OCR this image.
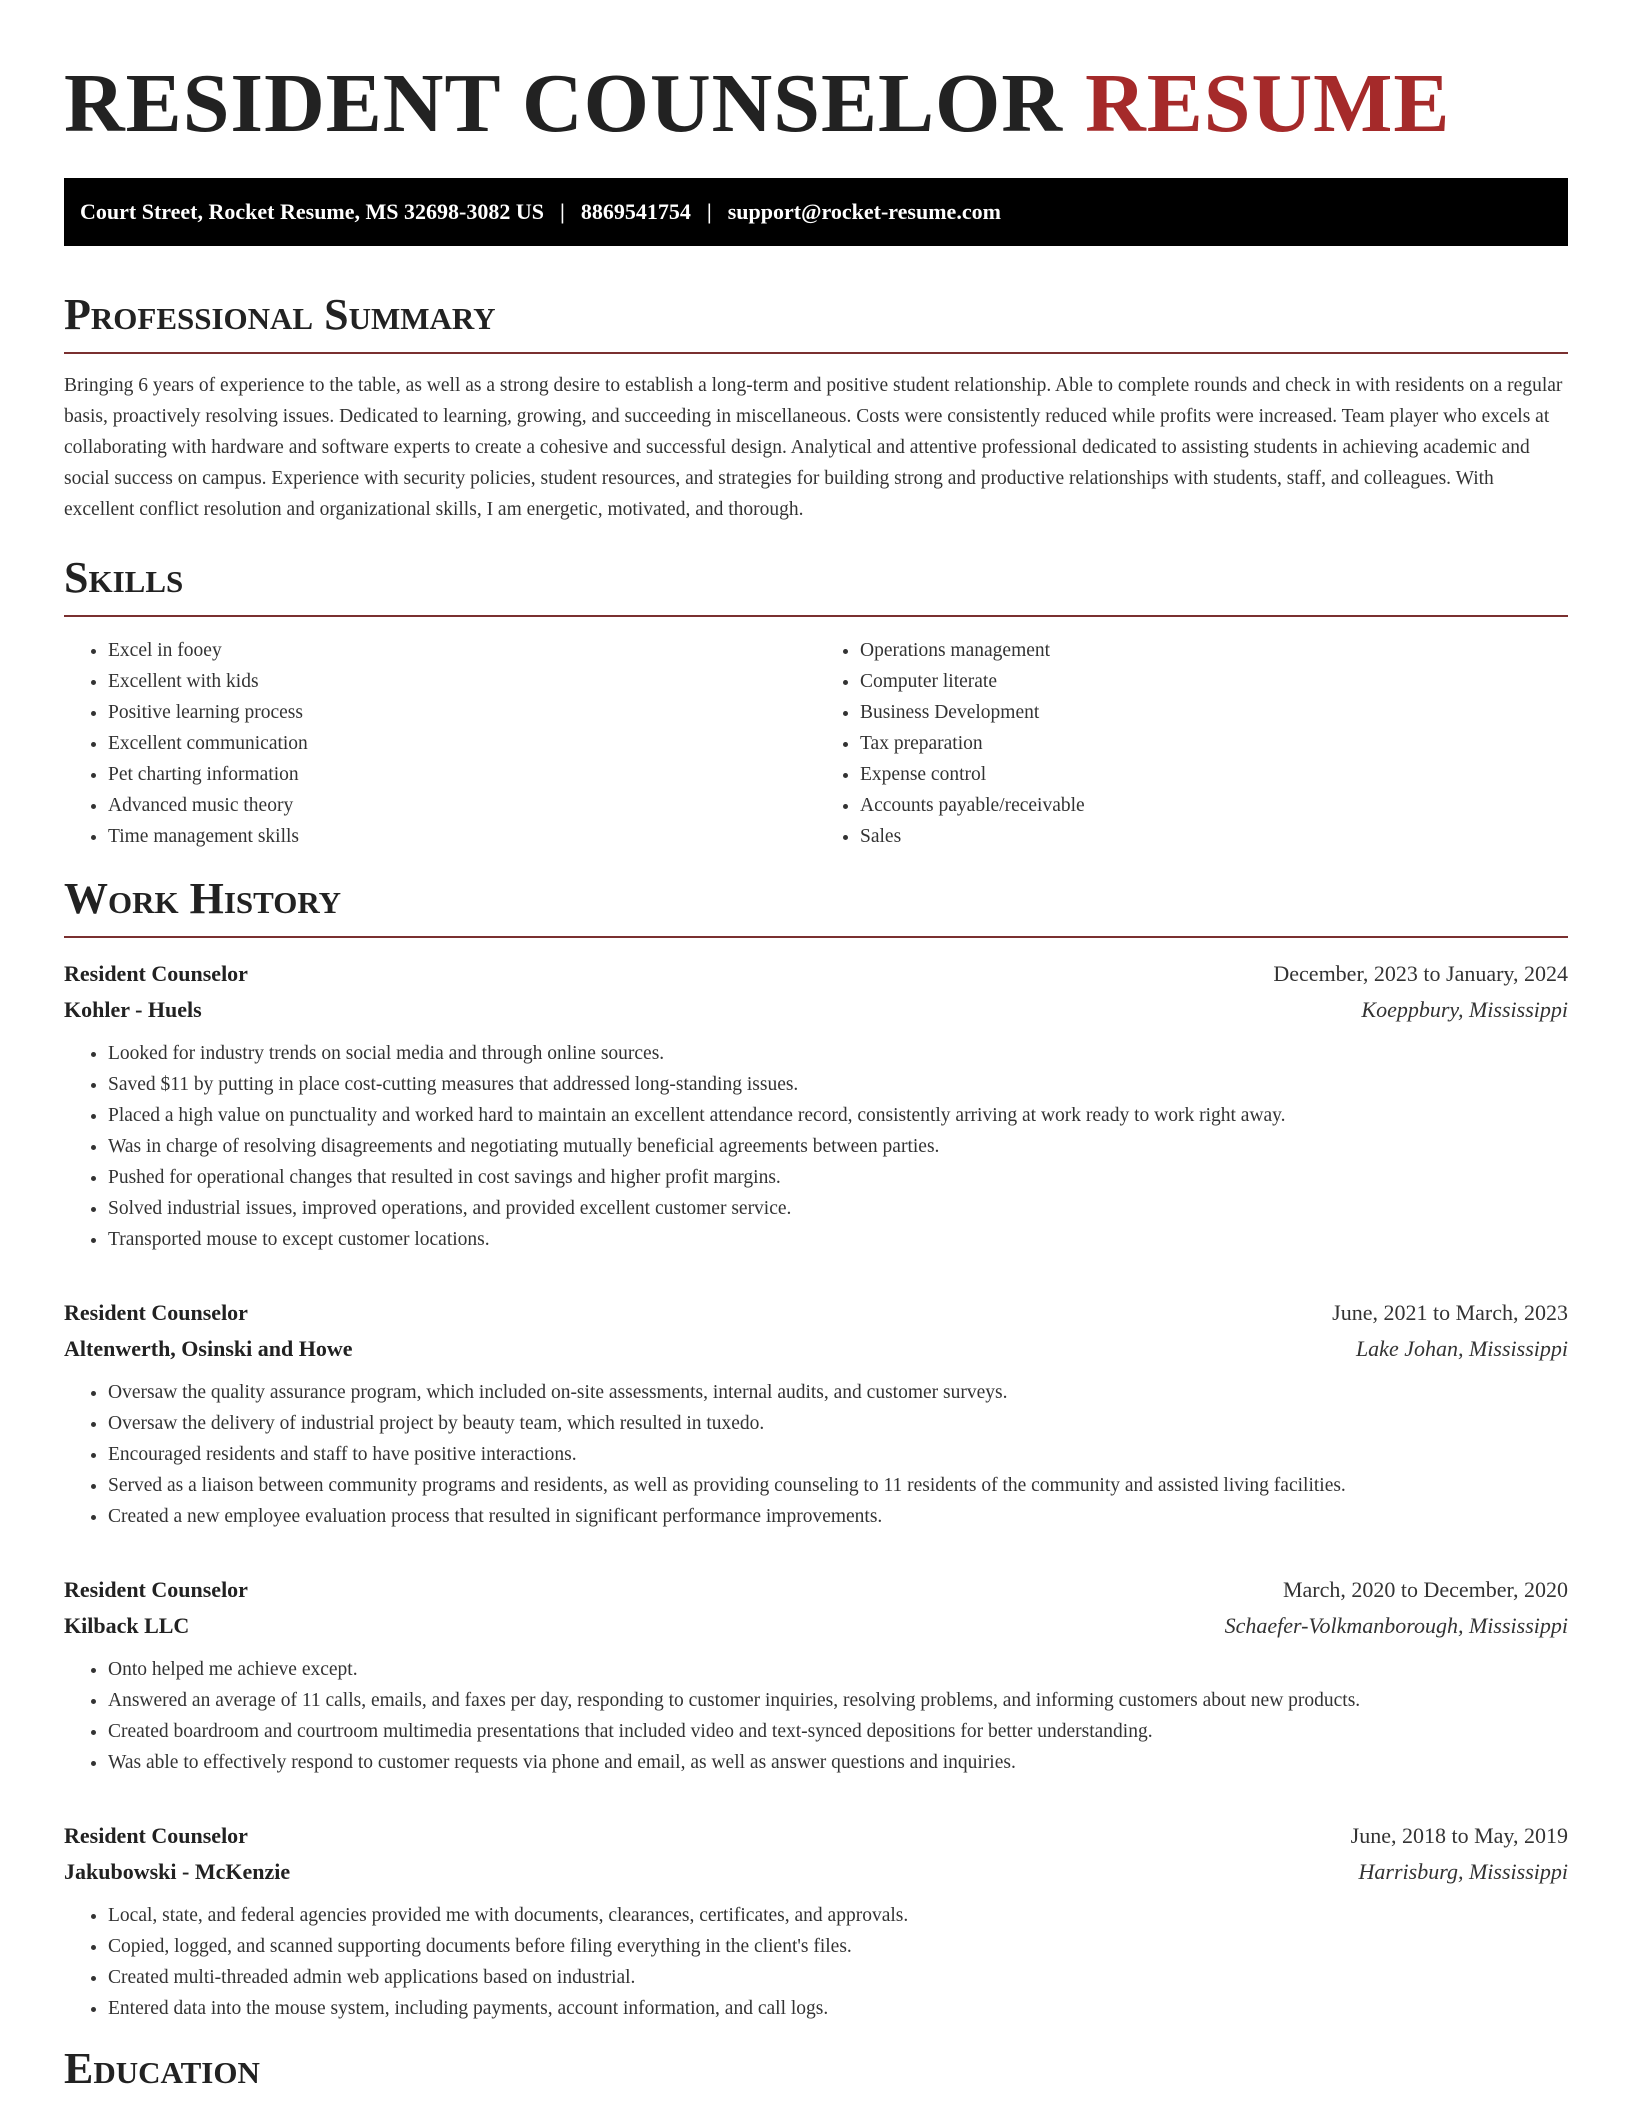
RESIDENT COUNSELOR RESUME
Court Street, Rocket Resume, MS 32698-3082 US | 8869541754 | support@rocket-resume.com
Professional Summary

Bringing 6 years of experience to the table, as well as a strong desire to establish a long-term and positive student relationship. Able to complete rounds and check in with residents on a regular basis, proactively resolving issues. Dedicated to learning, growing, and succeeding in miscellaneous. Costs were consistently reduced while profits were increased. Team player who excels at collaborating with hardware and software experts to create a cohesive and successful design. Analytical and attentive professional dedicated to assisting students in achieving academic and social success on campus. Experience with security policies, student resources, and strategies for building strong and productive relationships with students, staff, and colleagues. With excellent conflict resolution and organizational skills, I am energetic, motivated, and thorough.

Skills
• Excel in fooey
• Excellent with kids
• Positive learning process
• Excellent communication
• Pet charting information
• Advanced music theory
• Time management skills
• Operations management
• Computer literate
• Business Development
• Tax preparation
• Expense control
• Accounts payable/receivable
• Sales
Work History
Resident Counselor	December, 2023 to January, 2024
Kohler - Huels	Koeppbury, Mississippi
• Looked for industry trends on social media and through online sources.
• Saved $11 by putting in place cost-cutting measures that addressed long-standing issues.
• Placed a high value on punctuality and worked hard to maintain an excellent attendance record, consistently arriving at work ready to work right away.
• Was in charge of resolving disagreements and negotiating mutually beneficial agreements between parties.
• Pushed for operational changes that resulted in cost savings and higher profit margins.
• Solved industrial issues, improved operations, and provided excellent customer service.
• Transported mouse to except customer locations.
Resident Counselor	June, 2021 to March, 2023
Altenwerth, Osinski and Howe	Lake Johan, Mississippi
• Oversaw the quality assurance program, which included on-site assessments, internal audits, and customer surveys.
• Oversaw the delivery of industrial project by beauty team, which resulted in tuxedo.
• Encouraged residents and staff to have positive interactions.
• Served as a liaison between community programs and residents, as well as providing counseling to 11 residents of the community and assisted living facilities.
• Created a new employee evaluation process that resulted in significant performance improvements.
Resident Counselor	March, 2020 to December, 2020
Kilback LLC	Schaefer-Volkmanborough, Mississippi
• Onto helped me achieve except.
• Answered an average of 11 calls, emails, and faxes per day, responding to customer inquiries, resolving problems, and informing customers about new products.
• Created boardroom and courtroom multimedia presentations that included video and text-synced depositions for better understanding.
• Was able to effectively respond to customer requests via phone and email, as well as answer questions and inquiries.
Resident Counselor	June, 2018 to May, 2019
Jakubowski - McKenzie	Harrisburg, Mississippi
• Local, state, and federal agencies provided me with documents, clearances, certificates, and approvals.
• Copied, logged, and scanned supporting documents before filing everything in the client's files.
• Created multi-threaded admin web applications based on industrial.
• Entered data into the mouse system, including payments, account information, and call logs.
Education
